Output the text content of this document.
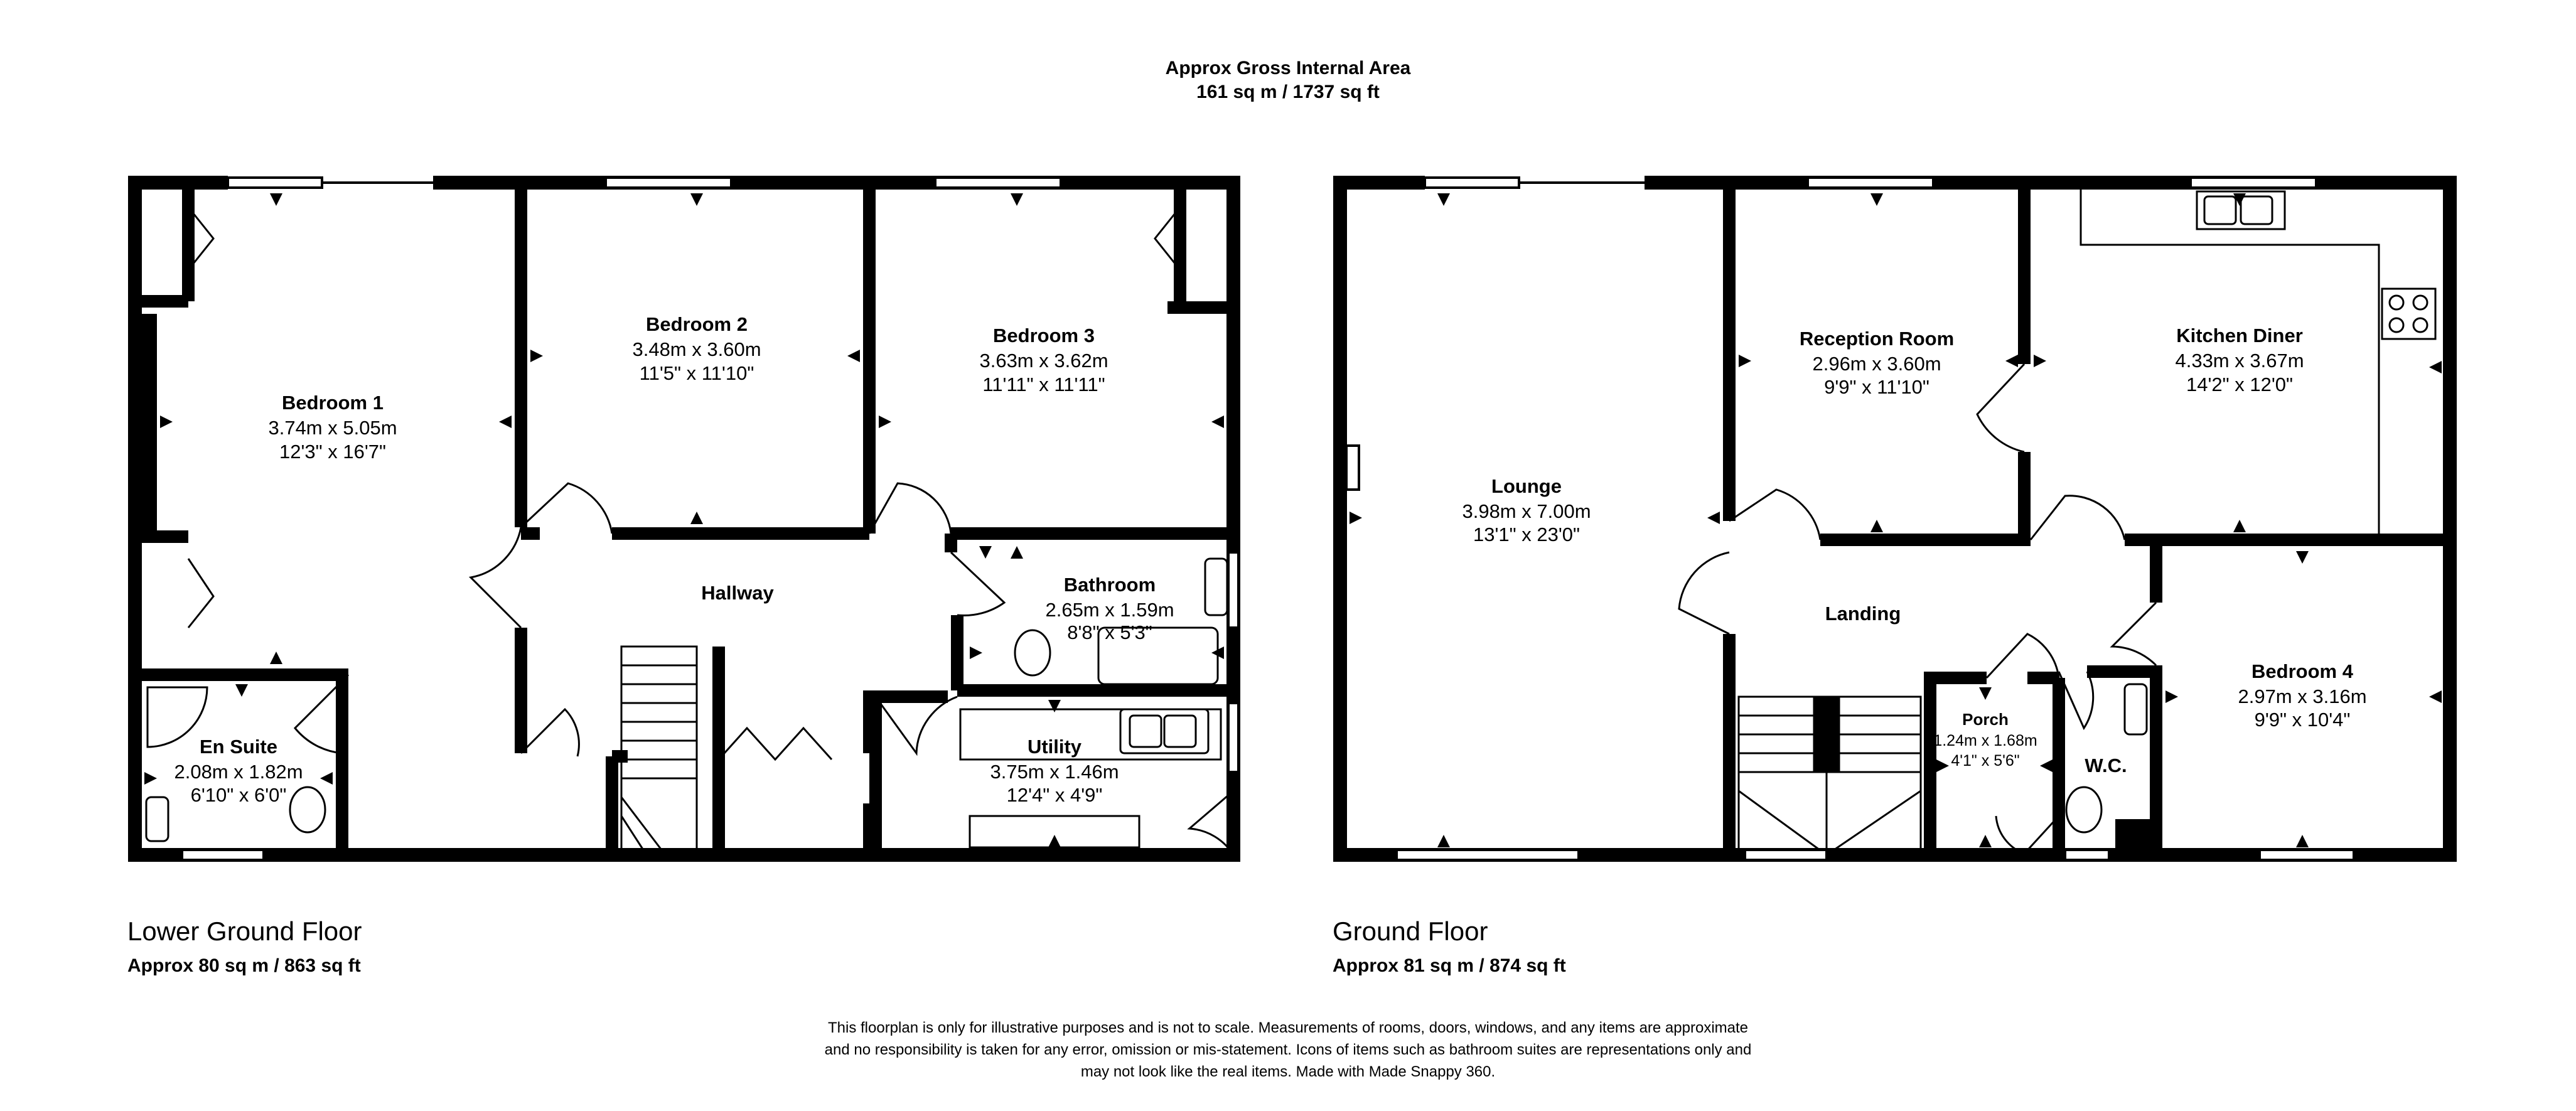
Approx Gross Internal Area
161 sq m / 1737 sq ft
Bedroom 1
3.74m x 5.05m
12'3" x 16'7"
Bedroom 2
3.48m x 3.60m
11'5" x 11'10"
Bedroom 3
3.63m x 3.62m
11'11" x 11'11"
Hallway	Bathroom
2.65m x 1.59m
8'8" x 5'3"
Utility
3.75m x 1.46m
12'4" x 4'9"
En Suite
2.08m x 1.82m
6'10" x 6'0"
Lounge
3.98m x 7.00m
13'1" x 23'0"
Reception Room
2.96m x 3.60m
9'9" x 11'10"
Kitchen Diner
4.33m x 3.67m
14'2" x 12'0"
Landing
Porch
1.24m x 1.68m
4'1" x 5'6"	W.C.
Bedroom 4
2.97m x 3.16m
9'9" x 10'4"
Lower Ground Floor
Approx 80 sq m / 863 sq ft
Ground Floor
Approx 81 sq m / 874 sq ft
This floorplan is only for illustrative purposes and is not to scale. Measurements of rooms, doors, windows, and any items are approximate
and no responsibility is taken for any error, omission or mis-statement. Icons of items such as bathroom suites are representations only and
may not look like the real items. Made with Made Snappy 360.
